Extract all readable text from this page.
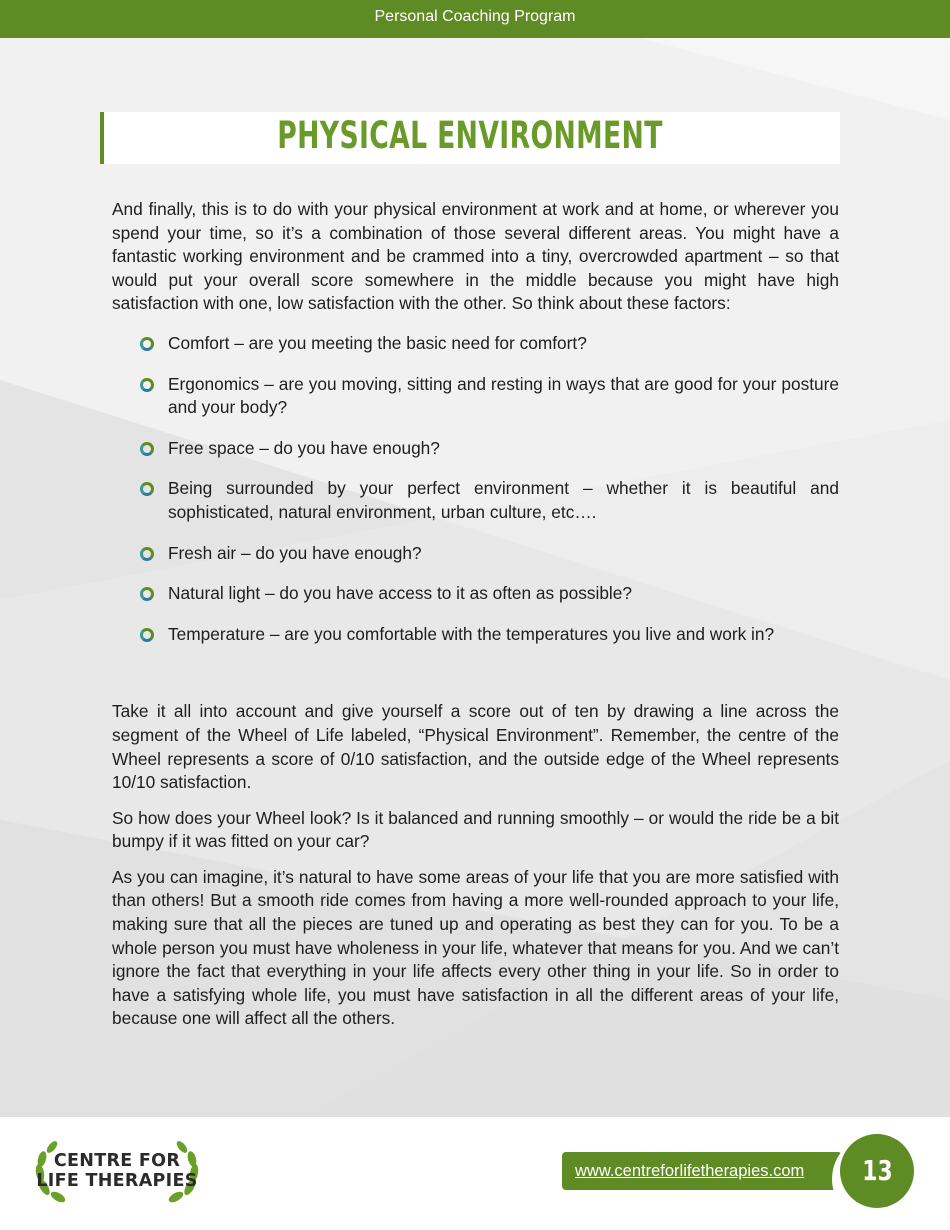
Personal Coaching Program
PHYSICAL ENVIRONMENT

And finally, this is to do with your physical environment at work and at home, or wherever you spend your time, so it’s a combination of those several different areas. You might have a fantastic working environment and be crammed into a tiny, overcrowded apartment – so that would put your overall score somewhere in the middle because you might have high satisfaction with one, low satisfaction with the other. So think about these factors:

Comfort – are you meeting the basic need for comfort?
Ergonomics – are you moving, sitting and resting in ways that are good for your posture and your body?
Free space – do you have enough?
Being surrounded by your perfect environment – whether it is beautiful and sophisticated, natural environment, urban culture, etc….
Fresh air – do you have enough?
Natural light – do you have access to it as often as possible?
Temperature – are you comfortable with the temperatures you live and work in?

Take it all into account and give yourself a score out of ten by drawing a line across the segment of the Wheel of Life labeled, “Physical Environment”. Remember, the centre of the Wheel represents a score of 0/10 satisfaction, and the outside edge of the Wheel represents 10/10 satisfaction.

So how does your Wheel look? Is it balanced and running smoothly – or would the ride be a bit bumpy if it was fitted on your car?

As you can imagine, it’s natural to have some areas of your life that you are more satisfied with than others! But a smooth ride comes from having a more well-rounded approach to your life, making sure that all the pieces are tuned up and operating as best they can for you. To be a whole person you must have wholeness in your life, whatever that means for you. And we can’t ignore the fact that everything in your life affects every other thing in your life. So in order to have a satisfying whole life, you must have satisfaction in all the different areas of your life, because one will affect all the others.

CENTRE FOR
LIFE THERAPIES	www.centreforlifetherapies.com	13
